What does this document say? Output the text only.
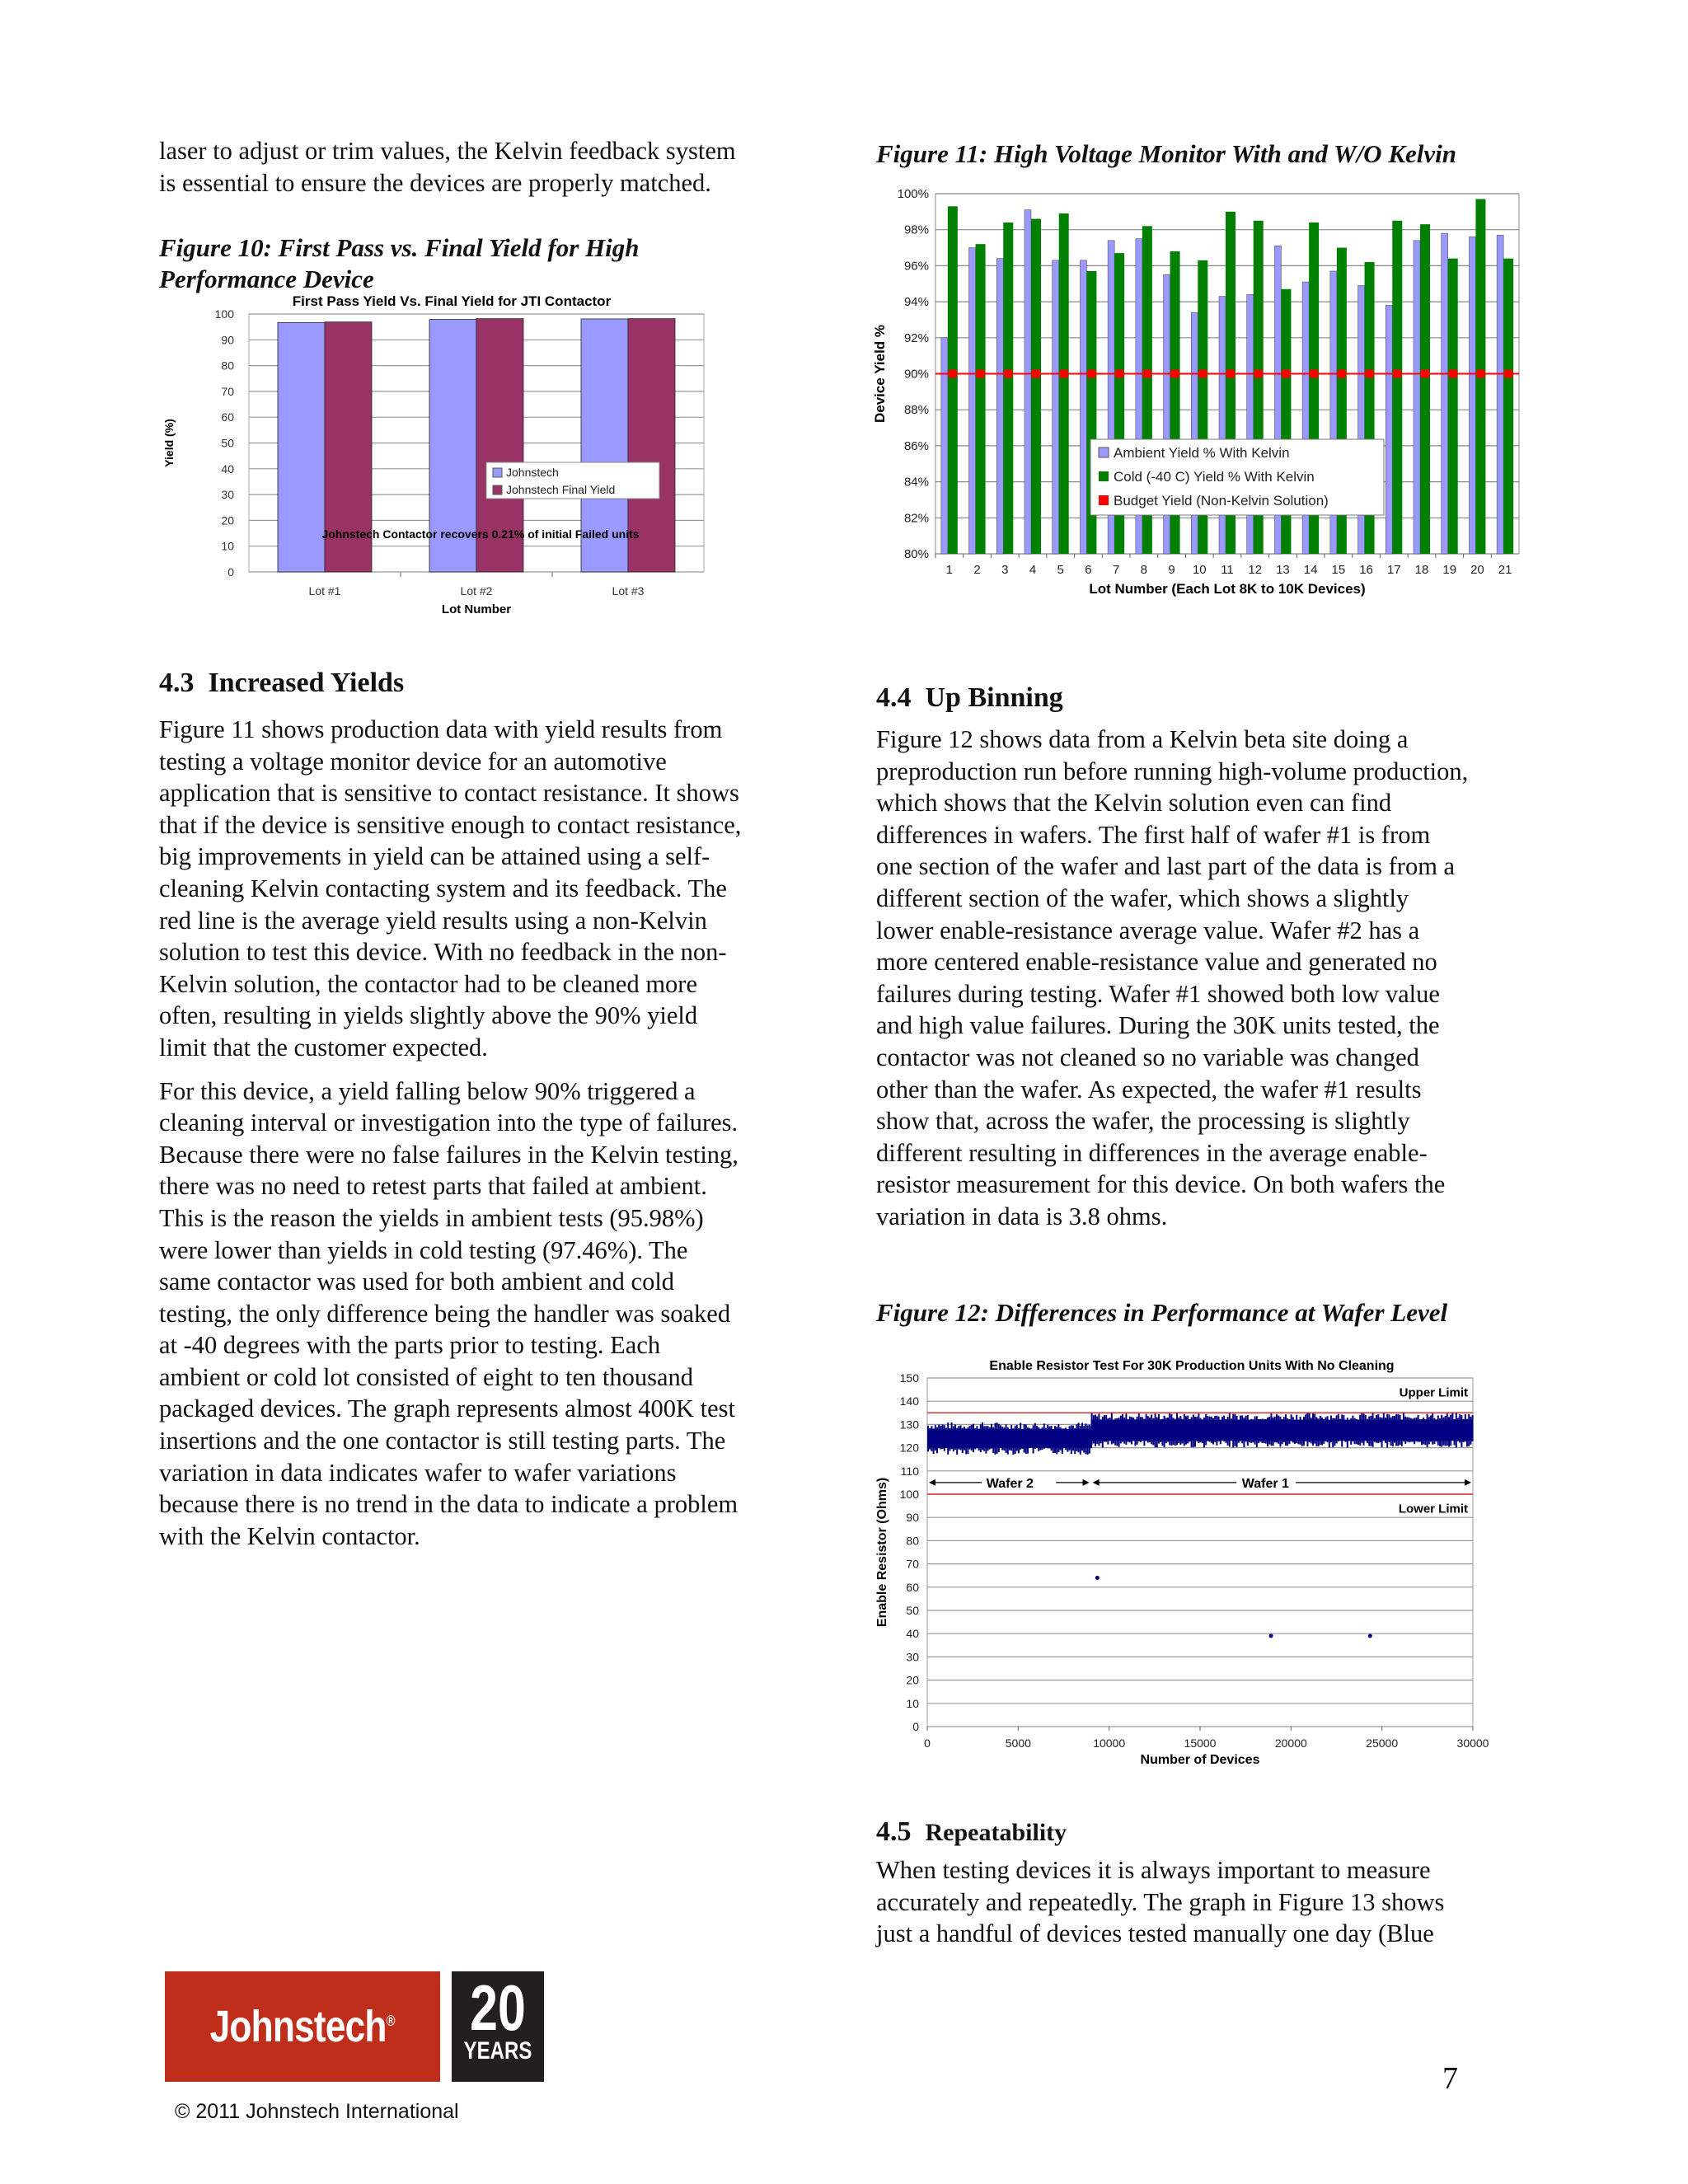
laser to adjust or trim values, the Kelvin feedback system

is essential to ensure the devices are properly matched.

Figure 10: First Pass vs. Final Yield for High

Performance Device

First Pass Yield Vs. Final Yield for JTI Contactor
0
10
20
30
40
50
60
70
80
90
100
Lot #1	Lot #2	Lot #3
Lot Number
Yield (%)
Johnstech Contactor recovers 0.21% of initial Failed units
Johnstech
Johnstech Final Yield

4.3 Increased Yields

Figure 11 shows production data with yield results from

testing a voltage monitor device for an automotive

application that is sensitive to contact resistance. It shows

that if the device is sensitive enough to contact resistance,

big improvements in yield can be attained using a self-

cleaning Kelvin contacting system and its feedback. The

red line is the average yield results using a non-Kelvin

solution to test this device. With no feedback in the non-

Kelvin solution, the contactor had to be cleaned more

often, resulting in yields slightly above the 90% yield

limit that the customer expected.

For this device, a yield falling below 90% triggered a

cleaning interval or investigation into the type of failures.

Because there were no false failures in the Kelvin testing,

there was no need to retest parts that failed at ambient.

This is the reason the yields in ambient tests (95.98%)

were lower than yields in cold testing (97.46%). The

same contactor was used for both ambient and cold

testing, the only difference being the handler was soaked

at -40 degrees with the parts prior to testing. Each

ambient or cold lot consisted of eight to ten thousand

packaged devices. The graph represents almost 400K test

insertions and the one contactor is still testing parts. The

variation in data indicates wafer to wafer variations

because there is no trend in the data to indicate a problem

with the Kelvin contactor.

Figure 11: High Voltage Monitor With and W/O Kelvin

80%
82%
84%
86%
88%
90%
92%
94%
96%
98%
100%
1 2 3 4 5 6 7 8 9 10 11 12 13 14 15 16 17 18 19 20 21
Lot Number (Each Lot 8K to 10K Devices)
Device Yield %
Ambient Yield % With Kelvin
Cold (-40 C) Yield % With Kelvin
Budget Yield (Non-Kelvin Solution)

4.4 Up Binning

Figure 12 shows data from a Kelvin beta site doing a

preproduction run before running high-volume production,

which shows that the Kelvin solution even can find

differences in wafers. The first half of wafer #1 is from

one section of the wafer and last part of the data is from a

different section of the wafer, which shows a slightly

lower enable-resistance average value. Wafer #2 has a

more centered enable-resistance value and generated no

failures during testing. Wafer #1 showed both low value

and high value failures. During the 30K units tested, the

contactor was not cleaned so no variable was changed

other than the wafer. As expected, the wafer #1 results

show that, across the wafer, the processing is slightly

different resulting in differences in the average enable-

resistor measurement for this device. On both wafers the

variation in data is 3.8 ohms.

Figure 12: Differences in Performance at Wafer Level

Enable Resistor Test For 30K Production Units With No Cleaning
0
10
20
30
40
50
60
70
80
90
100
110
120
130
140
150
0	5000	10000	15000	20000	25000	30000
Upper Limit
Lower Limit
Wafer 2	Wafer 1
Number of Devices
Enable Resistor (Ohms)

4.5 Repeatability

When testing devices it is always important to measure

accurately and repeatedly. The graph in Figure 13 shows

just a handful of devices tested manually one day (Blue

Johnstech® 20
YEARS
© 2011 Johnstech International
7
